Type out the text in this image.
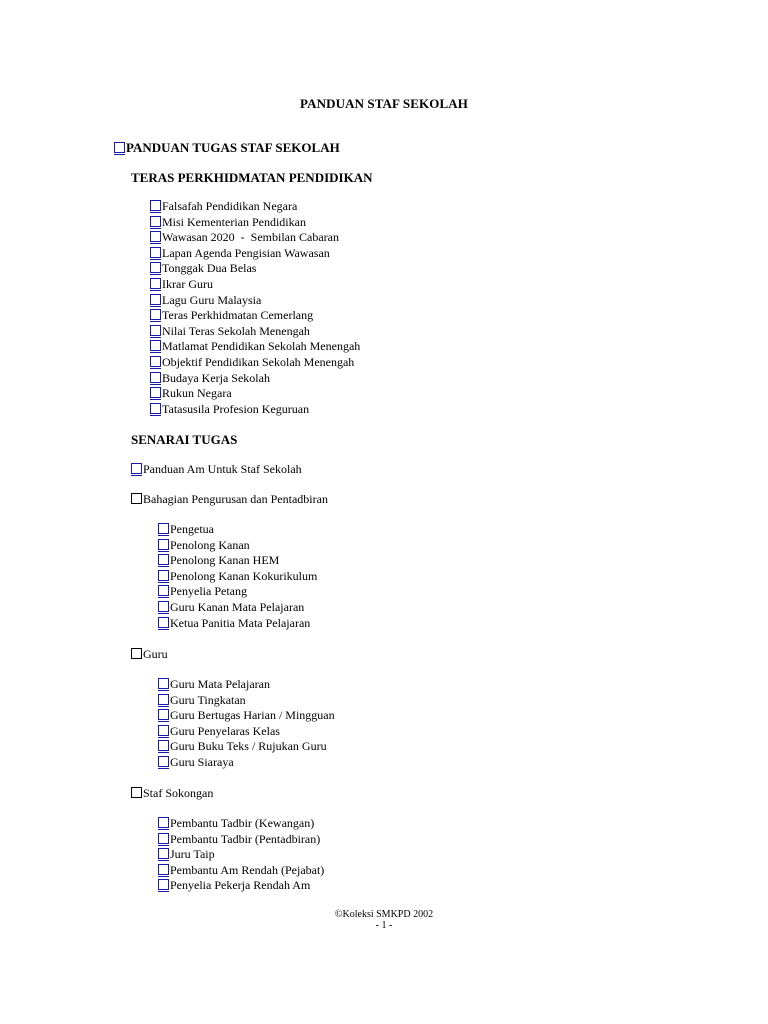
PANDUAN STAF SEKOLAH
PANDUAN TUGAS STAF SEKOLAH
TERAS PERKHIDMATAN PENDIDIKAN
Falsafah Pendidikan Negara
Misi Kementerian Pendidikan
Wawasan 2020  -  Sembilan Cabaran
Lapan Agenda Pengisian Wawasan
Tonggak Dua Belas
Ikrar Guru
Lagu Guru Malaysia
Teras Perkhidmatan Cemerlang
Nilai Teras Sekolah Menengah
Matlamat Pendidikan Sekolah Menengah
Objektif Pendidikan Sekolah Menengah
Budaya Kerja Sekolah
Rukun Negara
Tatasusila Profesion Keguruan
SENARAI TUGAS
Panduan Am Untuk Staf Sekolah
Bahagian Pengurusan dan Pentadbiran
Pengetua
Penolong Kanan
Penolong Kanan HEM
Penolong Kanan Kokurikulum
Penyelia Petang
Guru Kanan Mata Pelajaran
Ketua Panitia Mata Pelajaran
Guru
Guru Mata Pelajaran
Guru Tingkatan
Guru Bertugas Harian / Mingguan
Guru Penyelaras Kelas
Guru Buku Teks / Rujukan Guru
Guru Siaraya
Staf Sokongan
Pembantu Tadbir (Kewangan)
Pembantu Tadbir (Pentadbiran)
Juru Taip
Pembantu Am Rendah (Pejabat)
Penyelia Pekerja Rendah Am
©Koleksi SMKPD 2002
- 1 -
